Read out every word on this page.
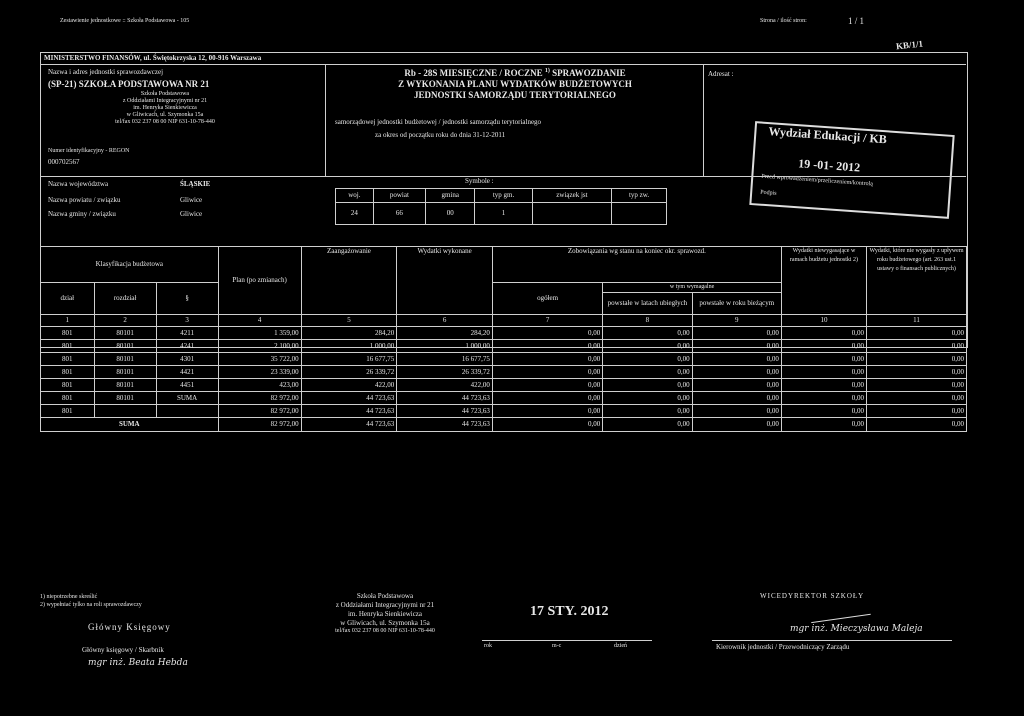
Zestawienie jednostkowe :: Szkoła Podstawowa - 105	Strona / ilość stron:	1 / 1
KB/1/1
MINISTERSTWO FINANSÓW, ul. Świętokrzyska 12, 00-916 Warszawa
Nazwa i adres jednostki sprawozdawczej
(SP-21) SZKOŁA PODSTAWOWA NR 21
Szkoła Podstawowa
z Oddziałami Integracyjnymi nr 21
im. Henryka Sienkiewicza
w Gliwicach, ul. Szymonka 15a
tel/fax 032 237 08 00 NIP 631-10-78-440
Numer identyfikacyjny - REGON
000702567
Rb - 28S MIESIĘCZNE / ROCZNE $^{1)}$ SPRAWOZDANIE
Z WYKONANIA PLANU WYDATKÓW BUDŻETOWYCH
JEDNOSTKI SAMORZĄDU TERYTORIALNEGO
samorządowej jednostki budżetowej / jednostki samorządu terytorialnego
za okres od początku roku do dnia 31-12-2011
Adresat :
Wydział Edukacji / KB
19 -01- 2012
Przed wprowadzeniem/przeliczeniem/kontrolą
Podpis
Nazwa województwa	ŚLĄSKIE
Nazwa powiatu / związku	Gliwice
Nazwa gminy / związku	Gliwice
Symbole :
woj.	powiat	gmina	typ gm.	związek jst	typ zw.
24	66	00	1		
Klasyfikacja budżetowa			Plan (po zmianach)	Zaangażowanie	Wydatki wykonane	Zobowiązania wg stanu na koniec okr. sprawozd.			Wydatki niewygasające w ramach budżetu jednostki 2)	Wydatki, które nie wygasły z upływem roku budżetowego (art. 263 ust.1 ustawy o finansach publicznych)
dział	rozdział	§				ogółem	w tym wymagalne			
							powstałe w latach ubiegłych	powstałe w roku bieżącym		
1	2	3	4	5	6	7	8	9	10	11
801	80101	4211	1 359,00	284,20	284,20	0,00	0,00	0,00	0,00	0,00
801	80101	4241	2 100,00	1 000,00	1 000,00	0,00	0,00	0,00	0,00	0,00
801	80101	4301	35 722,00	16 677,75	16 677,75	0,00	0,00	0,00	0,00	0,00
801	80101	4421	23 339,00	26 339,72	26 339,72	0,00	0,00	0,00	0,00	0,00
801	80101	4451	423,00	422,00	422,00	0,00	0,00	0,00	0,00	0,00
801	80101	SUMA	82 972,00	44 723,63	44 723,63	0,00	0,00	0,00	0,00	0,00
801			82 972,00	44 723,63	44 723,63	0,00	0,00	0,00	0,00	0,00
SUMA			82 972,00	44 723,63	44 723,63	0,00	0,00	0,00	0,00	0,00
1) niepotrzebne skreślić
2) wypełniać tylko na roli sprawozdawczy
Główny Księgowy
Główny księgowy / Skarbnik
mgr inż. Beata Hebda
Szkoła Podstawowa
z Oddziałami Integracyjnymi nr 21
im. Henryka Sienkiewicza
w Gliwicach, ul. Szymonka 15a
tel/fax 032 237 08 00 NIP 631-10-78-440
17 STY. 2012
rok	m-c	dzień
WICEDYREKTOR SZKOŁY
mgr inż. Mieczysława Maleja
Kierownik jednostki / Przewodniczący Zarządu
